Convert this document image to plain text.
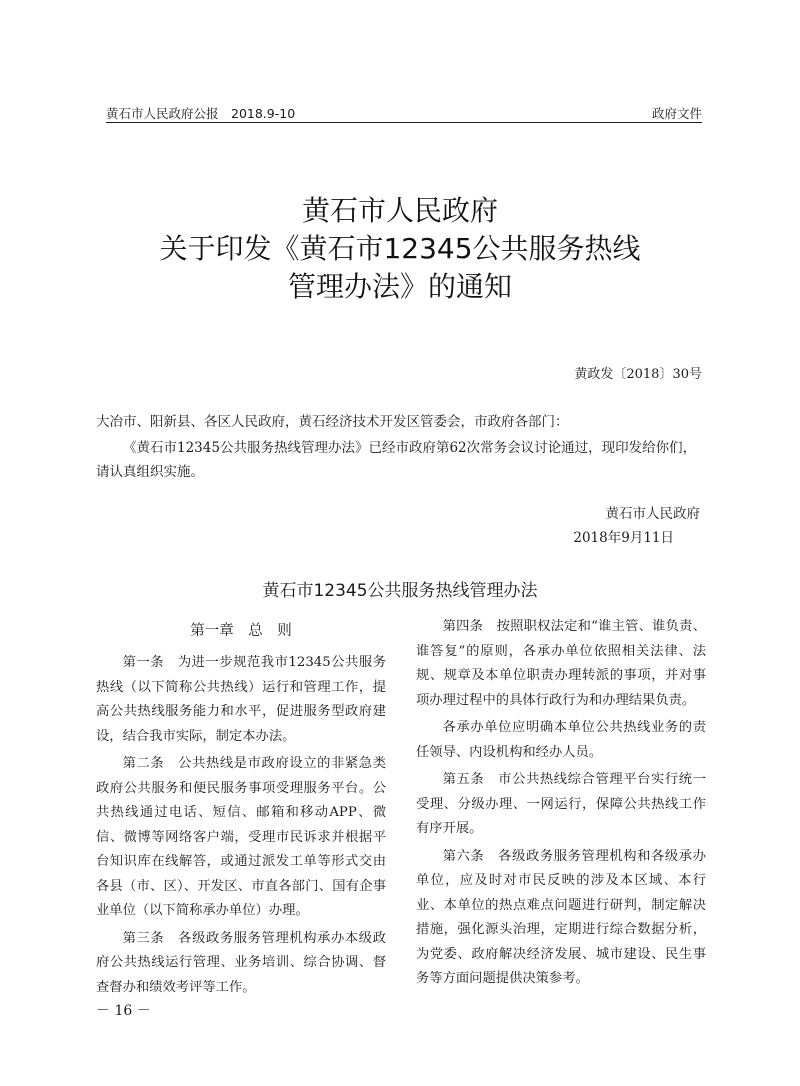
黄石市人民政府公报　2018.9-10	政府文件
黄石市人民政府
关于印发《黄石市12345公共服务热线
管理办法》的通知
黄政发〔2018〕30号
大冶市、阳新县、各区人民政府，黄石经济技术开发区管委会，市政府各部门：

《黄石市12345公共服务热线管理办法》已经市政府第62次常务会议讨论通过，现印发给你们，请认真组织实施。

黄石市人民政府
2018年9月11日
黄石市12345公共服务热线管理办法
第一章　总　则

第一条　为进一步规范我市12345公共服务热线（以下简称公共热线）运行和管理工作，提高公共热线服务能力和水平，促进服务型政府建设，结合我市实际，制定本办法。

第二条　公共热线是市政府设立的非紧急类政府公共服务和便民服务事项受理服务平台。公共热线通过电话、短信、邮箱和移动APP、微信、微博等网络客户端，受理市民诉求并根据平台知识库在线解答，或通过派发工单等形式交由各县（市、区）、开发区、市直各部门、国有企事业单位（以下简称承办单位）办理。

第三条　各级政务服务管理机构承办本级政府公共热线运行管理、业务培训、综合协调、督查督办和绩效考评等工作。

第四条　按照职权法定和“谁主管、谁负责、谁答复”的原则，各承办单位依照相关法律、法规、规章及本单位职责办理转派的事项，并对事项办理过程中的具体行政行为和办理结果负责。

各承办单位应明确本单位公共热线业务的责任领导、内设机构和经办人员。

第五条　市公共热线综合管理平台实行统一受理、分级办理、一网运行，保障公共热线工作有序开展。

第六条　各级政务服务管理机构和各级承办单位，应及时对市民反映的涉及本区域、本行业、本单位的热点难点问题进行研判，制定解决措施，强化源头治理，定期进行综合数据分析，为党委、政府解决经济发展、城市建设、民生事务等方面问题提供决策参考。

－ 16 －
